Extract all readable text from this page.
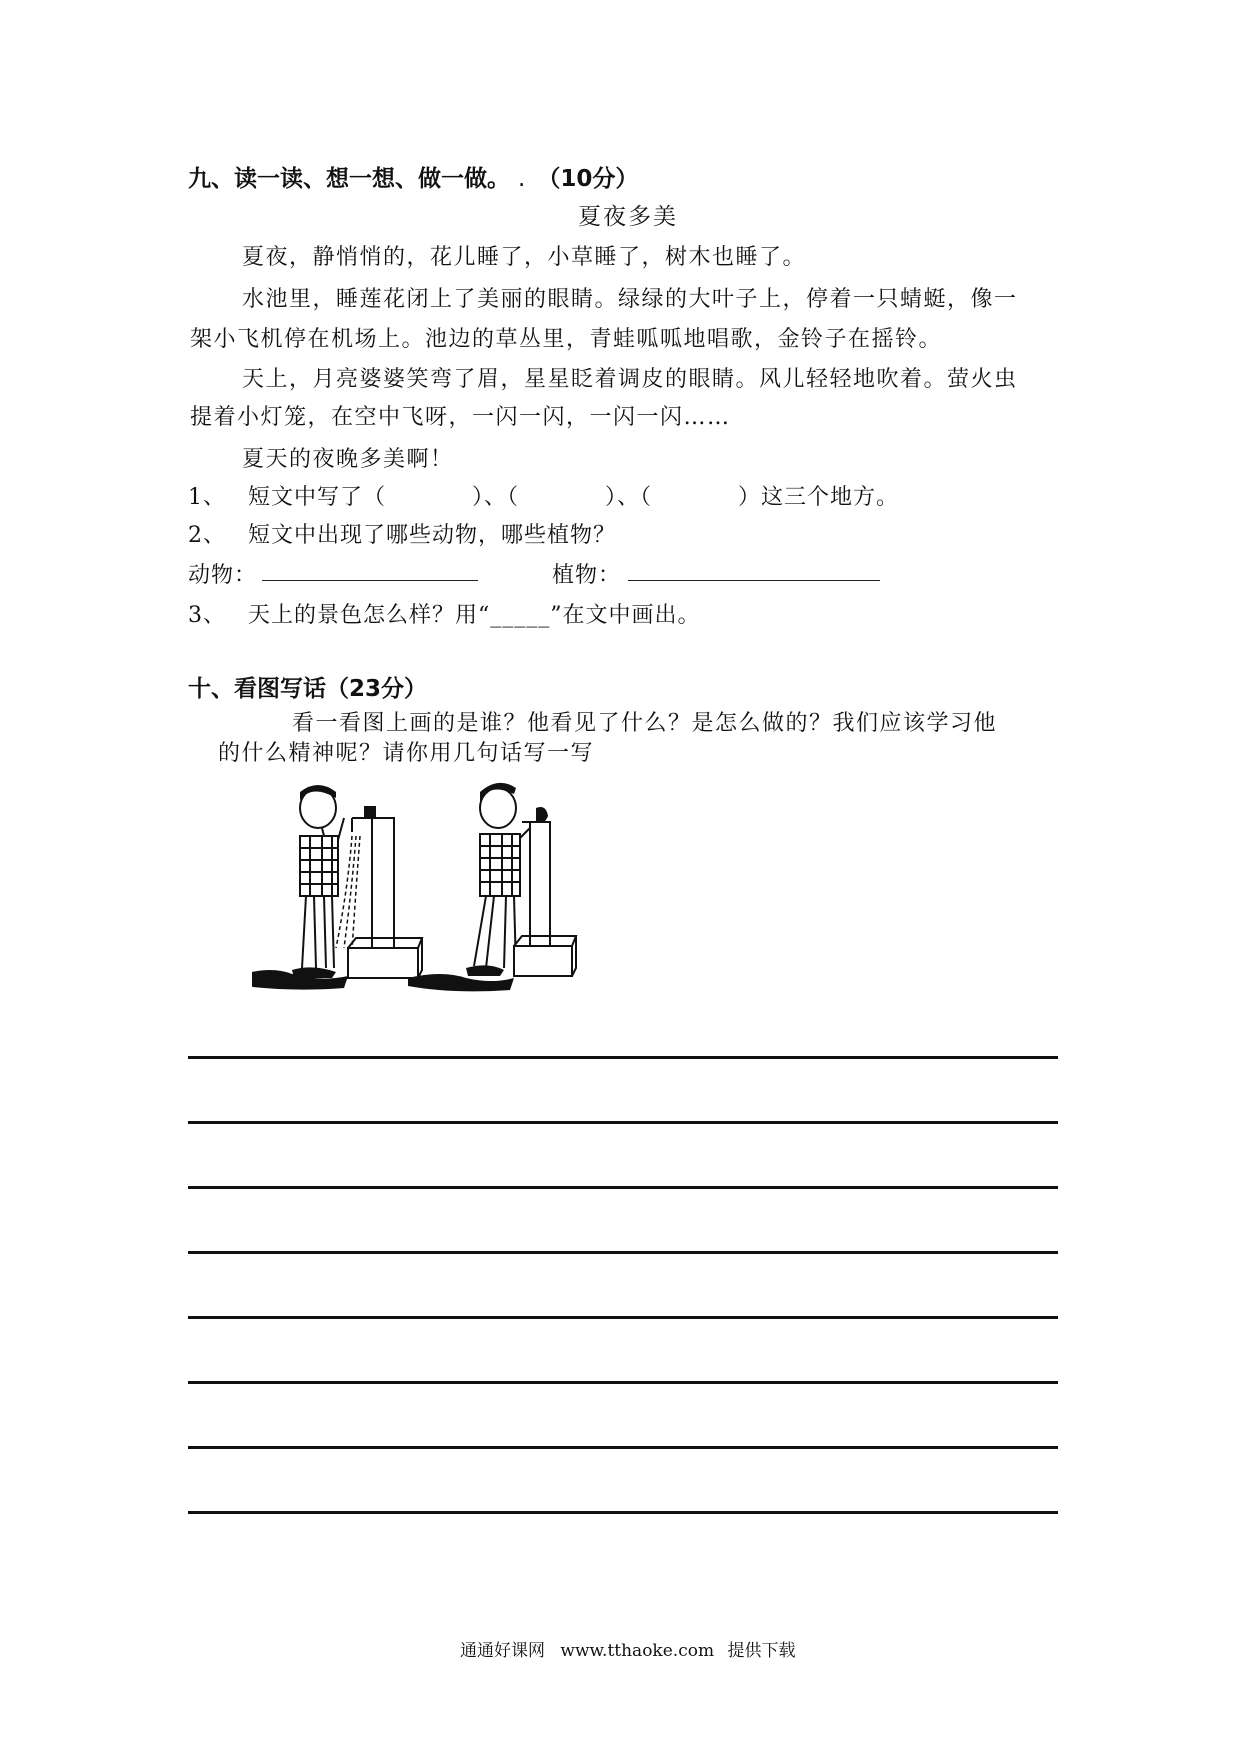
九、读一读、想一想、做一做。 . （10分）
夏夜多美
夏夜，静悄悄的，花儿睡了，小草睡了，树木也睡了。
水池里，睡莲花闭上了美丽的眼睛。绿绿的大叶子上，停着一只蜻蜓，像一
架小飞机停在机场上。池边的草丛里，青蛙呱呱地唱歌，金铃子在摇铃。
天上，月亮婆婆笑弯了眉，星星眨着调皮的眼睛。风儿轻轻地吹着。萤火虫
提着小灯笼，在空中飞呀，一闪一闪，一闪一闪……
夏天的夜晚多美啊！
1、 短文中写了（	）、（	）、（	）这三个地方。
2、 短文中出现了哪些动物，哪些植物？
动物：	植物：
3、 天上的景色怎么样？用“_____”在文中画出。
十、看图写话（23分）
看一看图上画的是谁？他看见了什么？是怎么做的？我们应该学习他
的什么精神呢？请你用几句话写一写
通通好课网 www.tthaoke.com 提供下载
